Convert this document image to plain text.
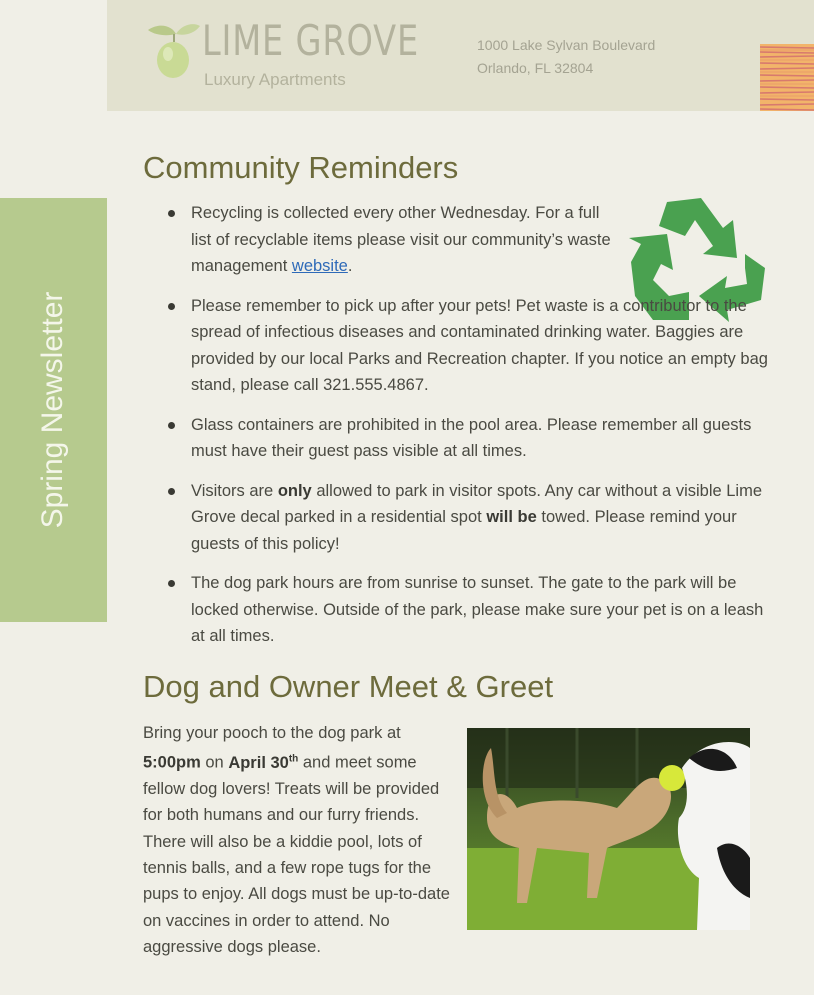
LIME GROVE
Luxury Apartments
1000 Lake Sylvan Boulevard
Orlando, FL 32804
Spring Newsletter
Community Reminders
Recycling is collected every other Wednesday. For a full list of recyclable items please visit our community’s waste management website.
Please remember to pick up after your pets! Pet waste is a contributor to the spread of infectious diseases and contaminated drinking water. Baggies are provided by our local Parks and Recreation chapter. If you notice an empty bag stand, please call 321.555.4867.
Glass containers are prohibited in the pool area. Please remember all guests must have their guest pass visible at all times.
Visitors are only allowed to park in visitor spots. Any car without a visible Lime Grove decal parked in a residential spot will be towed. Please remind your guests of this policy!
The dog park hours are from sunrise to sunset. The gate to the park will be locked otherwise. Outside of the park, please make sure your pet is on a leash at all times.
Dog and Owner Meet & Greet
Bring your pooch to the dog park at 5:00pm on April 30th and meet some fellow dog lovers! Treats will be provided for both humans and our furry friends. There will also be a kiddie pool, lots of tennis balls, and a few rope tugs for the pups to enjoy. All dogs must be up-to-date on vaccines in order to attend. No aggressive dogs please.
